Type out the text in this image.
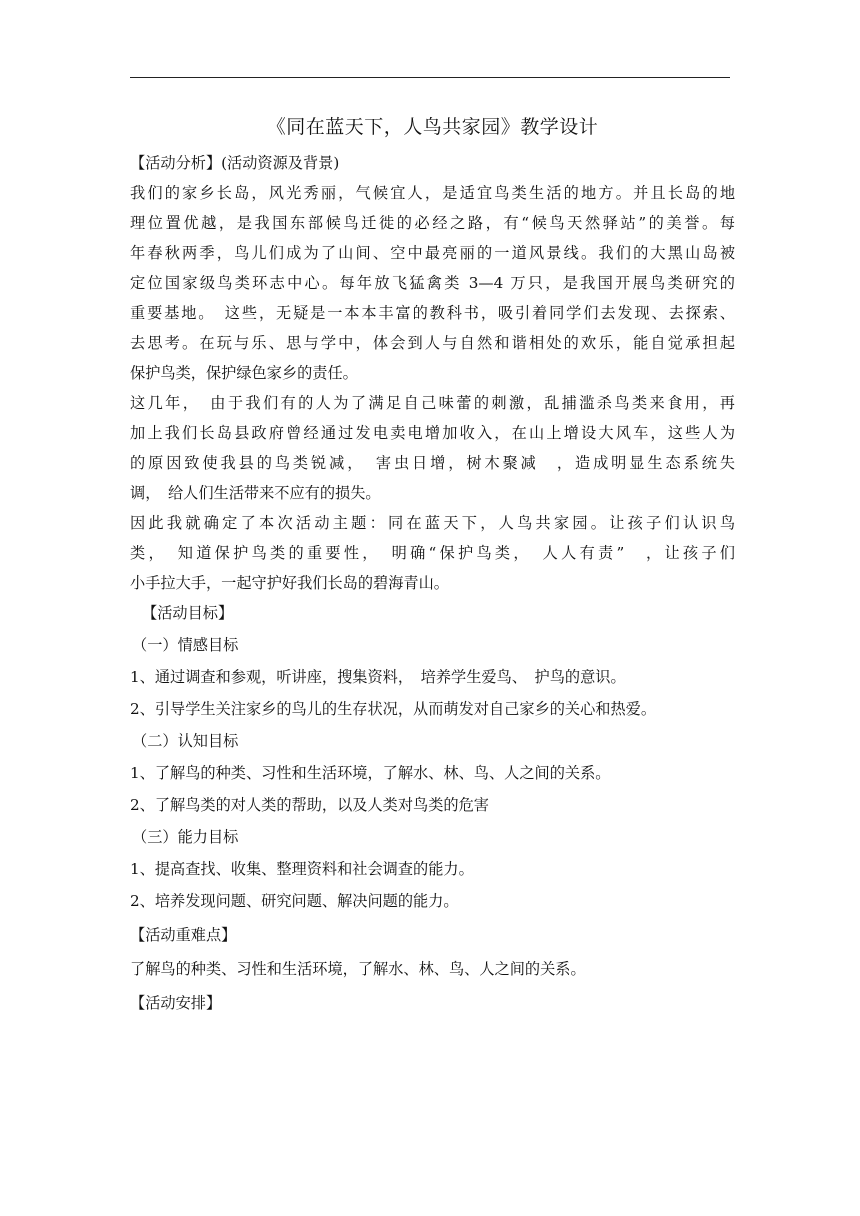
《同在蓝天下，人鸟共家园》教学设计
【活动分析】(活动资源及背景)
我们的家乡长岛，风光秀丽，气候宜人，是适宜鸟类生活的地方。并且长岛的地
理位置优越，是我国东部候鸟迁徙的必经之路，有“候鸟天然驿站”的美誉。每
年春秋两季，鸟儿们成为了山间、空中最亮丽的一道风景线。我们的大黑山岛被
定位国家级鸟类环志中心。每年放飞猛禽类 3—4 万只，是我国开展鸟类研究的
重要基地。　这些，无疑是一本本丰富的教科书，吸引着同学们去发现、去探索、
去思考。在玩与乐、思与学中，体会到人与自然和谐相处的欢乐，能自觉承担起
保护鸟类，保护绿色家乡的责任。
这几年，　由于我们有的人为了满足自己味蕾的刺激，乱捕滥杀鸟类来食用，再
加上我们长岛县政府曾经通过发电卖电增加收入，在山上增设大风车，这些人为
的原因致使我县的鸟类锐减，　害虫日增，树木聚减　，造成明显生态系统失
调，　给人们生活带来不应有的损失。
因此我就确定了本次活动主题：同在蓝天下，人鸟共家园。让孩子们认识鸟
类，　知道保护鸟类的重要性，　明确“保护鸟类，　人人有责”　，让孩子们
小手拉大手，一起守护好我们长岛的碧海青山。
【活动目标】
（一）情感目标
1、通过调查和参观，听讲座，搜集资料，　培养学生爱鸟、　护鸟的意识。
2、引导学生关注家乡的鸟儿的生存状况，从而萌发对自己家乡的关心和热爱。
（二）认知目标
1、了解鸟的种类、习性和生活环境，了解水、林、鸟、人之间的关系。
2、了解鸟类的对人类的帮助，以及人类对鸟类的危害
（三）能力目标
1、提高查找、收集、整理资料和社会调查的能力。
2、培养发现问题、研究问题、解决问题的能力。
【活动重难点】
了解鸟的种类、习性和生活环境，了解水、林、鸟、人之间的关系。
【活动安排】
